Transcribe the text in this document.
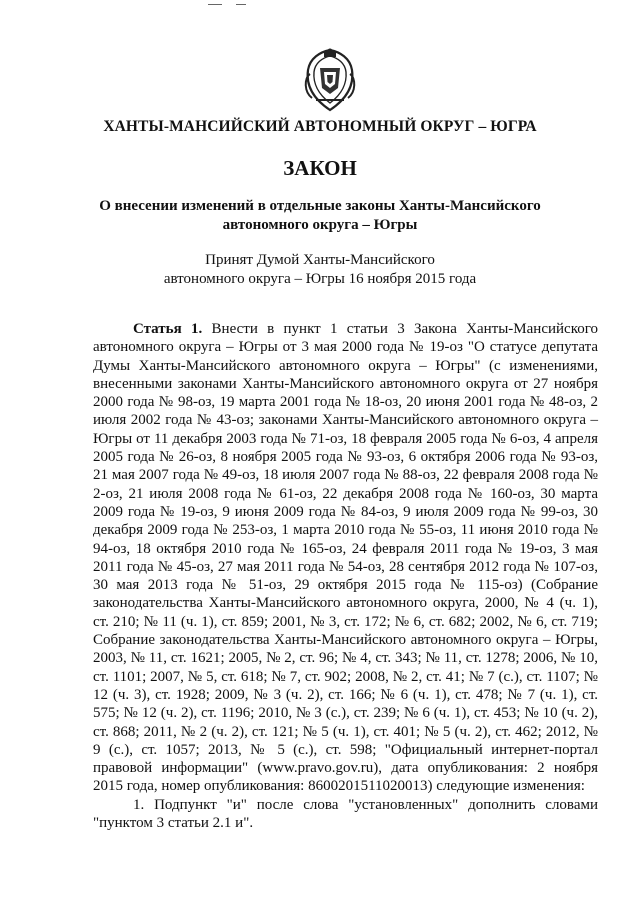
ХАНТЫ-МАНСИЙСКИЙ АВТОНОМНЫЙ ОКРУГ – ЮГРА
ЗАКОН
О внесении изменений в отдельные законы Ханты-Мансийского
автономного округа – Югры
Принят Думой Ханты-Мансийского
автономного округа – Югры 16 ноября 2015 года

Статья 1. Внести в пункт 1 статьи 3 Закона Ханты-Мансийского автономного округа – Югры от 3 мая 2000 года № 19-оз "О статусе депутата Думы Ханты-Мансийского автономного округа – Югры" (с изменениями, внесенными законами Ханты-Мансийского автономного округа от 27 ноября 2000 года № 98-оз, 19 марта 2001 года № 18-оз, 20 июня 2001 года № 48-оз, 2 июля 2002 года № 43-оз; законами Ханты-Мансийского автономного округа – Югры от 11 декабря 2003 года № 71-оз, 18 февраля 2005 года № 6-оз, 4 апреля 2005 года № 26-оз, 8 ноября 2005 года № 93-оз, 6 октября 2006 года № 93-оз, 21 мая 2007 года № 49-оз, 18 июля 2007 года № 88-оз, 22 февраля 2008 года № 2-оз, 21 июля 2008 года № 61-оз, 22 декабря 2008 года № 160-оз, 30 марта 2009 года № 19-оз, 9 июня 2009 года № 84-оз, 9 июля 2009 года № 99-оз, 30 декабря 2009 года № 253-оз, 1 марта 2010 года № 55-оз, 11 июня 2010 года № 94-оз, 18 октября 2010 года № 165-оз, 24 февраля 2011 года № 19-оз, 3 мая 2011 года № 45-оз, 27 мая 2011 года № 54-оз, 28 сентября 2012 года № 107-оз, 30 мая 2013 года № 51-оз, 29 октября 2015 года № 115-оз) (Собрание законодательства Ханты-Мансийского автономного округа, 2000, № 4 (ч. 1), ст. 210; № 11 (ч. 1), ст. 859; 2001, № 3, ст. 172; № 6, ст. 682; 2002, № 6, ст. 719; Собрание законодательства Ханты-Мансийского автономного округа – Югры, 2003, № 11, ст. 1621; 2005, № 2, ст. 96; № 4, ст. 343; № 11, ст. 1278; 2006, № 10, ст. 1101; 2007, № 5, ст. 618; № 7, ст. 902; 2008, № 2, ст. 41; № 7 (с.), ст. 1107; № 12 (ч. 3), ст. 1928; 2009, № 3 (ч. 2), ст. 166; № 6 (ч. 1), ст. 478; № 7 (ч. 1), ст. 575; № 12 (ч. 2), ст. 1196; 2010, № 3 (с.), ст. 239; № 6 (ч. 1), ст. 453; № 10 (ч. 2), ст. 868; 2011, № 2 (ч. 2), ст. 121; № 5 (ч. 1), ст. 401; № 5 (ч. 2), ст. 462; 2012, № 9 (с.), ст. 1057; 2013, № 5 (с.), ст. 598; "Официальный интернет-портал правовой информации" (www.pravo.gov.ru), дата опубликования: 2 ноября 2015 года, номер опубликования: 8600201511020013) следующие изменения:

1. Подпункт "и" после слова "установленных" дополнить словами "пунктом 3 статьи 2.1 и".
